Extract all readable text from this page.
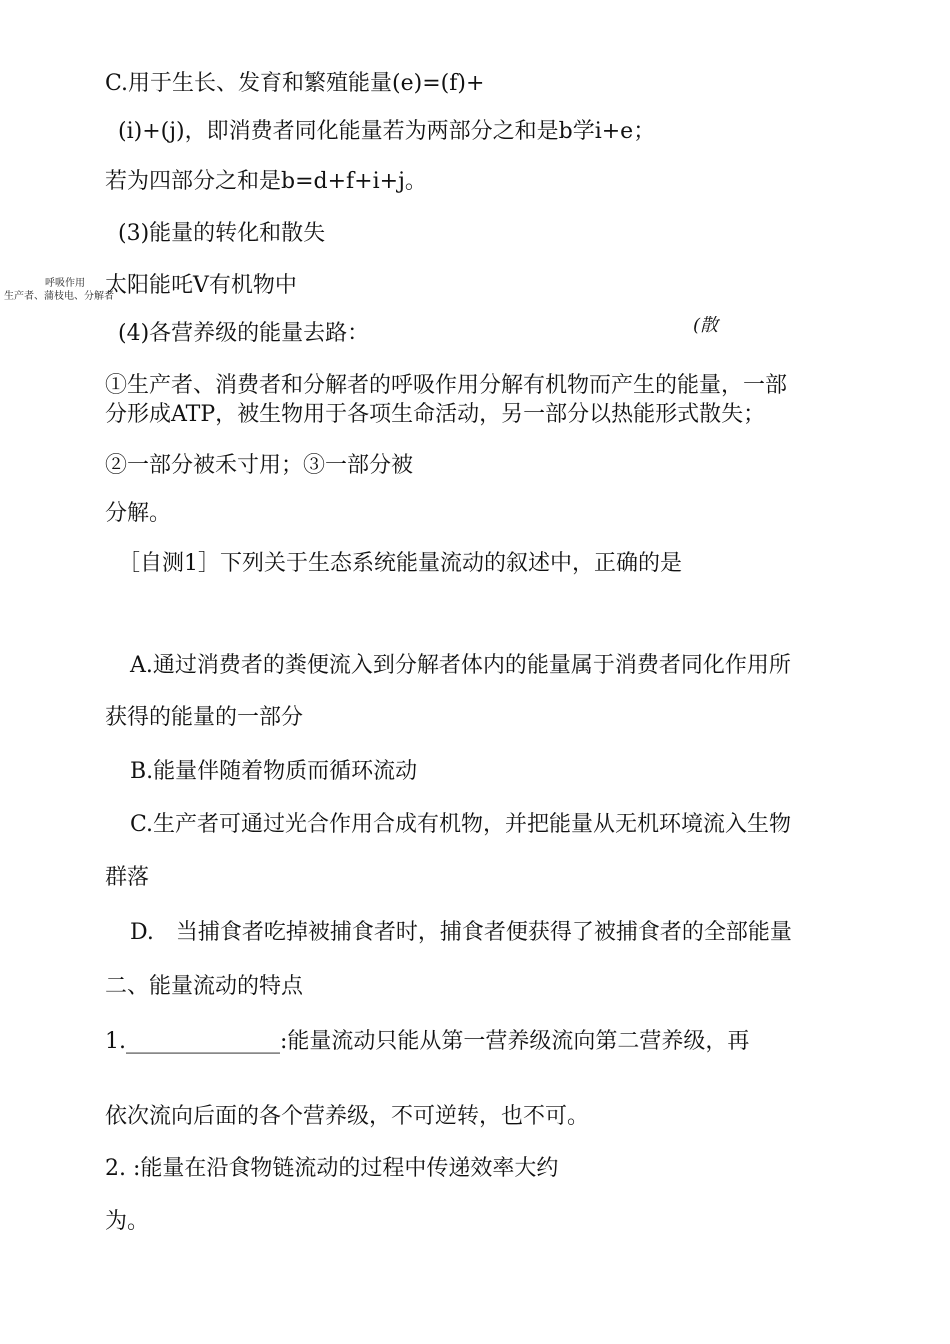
C.用于生长、发育和繁殖能量(e)=(f)+
(i)+(j)，即消费者同化能量若为两部分之和是b学i+e；
若为四部分之和是b=d+f+i+j。
(3)能量的转化和散失
呼吸作用
生产者、蒲枝电、分解者
太阳能吒V有机物中
(散
(4)各营养级的能量去路：
①生产者、消费者和分解者的呼吸作用分解有机物而产生的能量，一部
分形成ATP，被生物用于各项生命活动，另一部分以热能形式散失；
②一部分被禾寸用；③一部分被
分解。
［自测1］下列关于生态系统能量流动的叙述中，正确的是
A.通过消费者的粪便流入到分解者体内的能量属于消费者同化作用所
获得的能量的一部分
B.能量伴随着物质而循环流动
C.生产者可通过光合作用合成有机物，并把能量从无机环境流入生物
群落
D.　当捕食者吃掉被捕食者时，捕食者便获得了被捕食者的全部能量
二、能量流动的特点
1.______________:能量流动只能从第一营养级流向第二营养级，再
依次流向后面的各个营养级，不可逆转，也不可。
2. :能量在沿食物链流动的过程中传递效率大约
为。
